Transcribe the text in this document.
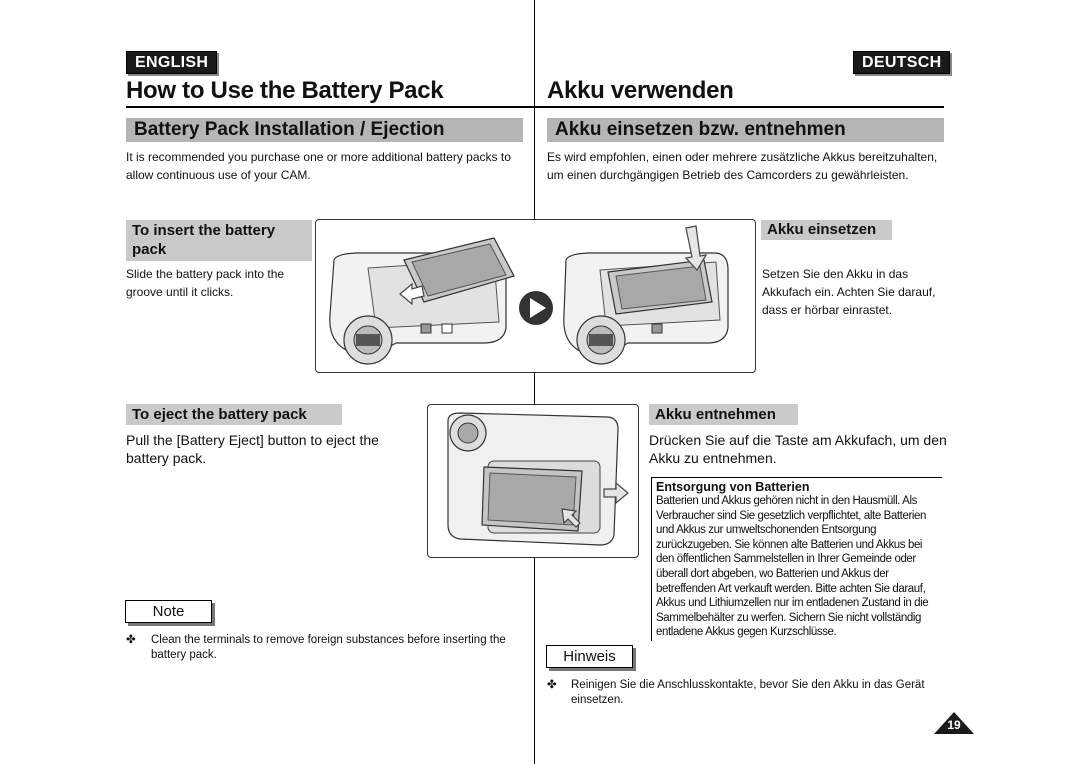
ENGLISH	DEUTSCH
How to Use the Battery Pack	Akku verwenden
Battery Pack Installation / Ejection	Akku einsetzen bzw. entnehmen
It is recommended you purchase one or more additional battery packs to allow continuous use of your CAM.
Es wird empfohlen, einen oder mehrere zusätzliche Akkus bereitzuhalten, um einen durchgängigen Betrieb des Camcorders zu gewährleisten.
To insert the battery pack
Akku einsetzen
Slide the battery pack into the groove until it clicks.
Setzen Sie den Akku in das Akkufach ein. Achten Sie darauf, dass er hörbar einrastet.
To eject the battery pack	Akku entnehmen
Pull the [Battery Eject] button to eject the battery pack.
Drücken Sie auf die Taste am Akkufach, um den Akku zu entnehmen.
Entsorgung von Batterien
Batterien und Akkus gehören nicht in den Hausmüll. Als Verbraucher sind Sie gesetzlich verpflichtet, alte Batterien und Akkus zur umweltschonenden Entsorgung zurückzugeben. Sie können alte Batterien und Akkus bei den öffentlichen Sammelstellen in Ihrer Gemeinde oder überall dort abgeben, wo Batterien und Akkus der betreffenden Art verkauft werden. Bitte achten Sie darauf, Akkus und Lithiumzellen nur im entladenen Zustand in die Sammelbehälter zu werfen. Sichern Sie nicht vollständig entladene Akkus gegen Kurzschlüsse.
Note
✤ Clean the terminals to remove foreign substances before inserting the battery pack.	Hinweis
✤ Reinigen Sie die Anschlusskontakte, bevor Sie den Akku in das Gerät einsetzen.
19
